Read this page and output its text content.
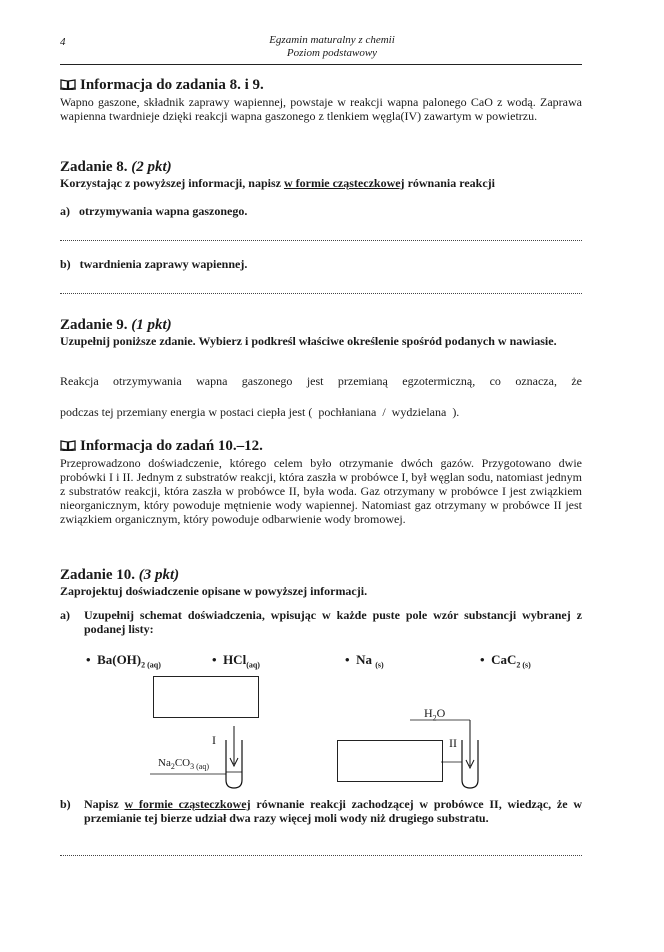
4	Egzamin maturalny z chemii
Poziom podstawowy
Informacja do zadania 8. i 9.
Wapno gaszone, składnik zaprawy wapiennej, powstaje w reakcji wapna palonego CaO z wodą. Zaprawa wapienna twardnieje dzięki reakcji wapna gaszonego z tlenkiem węgla(IV) zawartym w powietrzu.
Zadanie 8. (2 pkt)
Korzystając z powyższej informacji, napisz w formie cząsteczkowej równania reakcji
a) otrzymywania wapna gaszonego.
b) twardnienia zaprawy wapiennej.
Zadanie 9. (1 pkt)
Uzupełnij poniższe zdanie. Wybierz i podkreśl właściwe określenie spośród podanych w nawiasie.
Reakcja otrzymywania wapna gaszonego jest przemianą egzotermiczną, co oznacza, że
podczas tej przemiany energia w postaci ciepła jest ( pochłaniana / wydzielana ).
Informacja do zadań 10.–12.
Przeprowadzono doświadczenie, którego celem było otrzymanie dwóch gazów. Przygotowano dwie probówki I i II. Jednym z substratów reakcji, która zaszła w probówce I, był węglan sodu, natomiast jednym z substratów reakcji, która zaszła w probówce II, była woda. Gaz otrzymany w probówce I jest związkiem nieorganicznym, który powoduje mętnienie wody wapiennej. Natomiast gaz otrzymany w probówce II jest związkiem organicznym, który powoduje odbarwienie wody bromowej.
Zadanie 10. (3 pkt)
Zaprojektuj doświadczenie opisane w powyższej informacji.
a) Uzupełnij schemat doświadczenia, wpisując w każde puste pole wzór substancji wybranej z podanej listy:
•  $Ba(OH)_{2 (aq)}$	•  HCl$_{(aq)}$	•  Na $_{(s)}$	•  CaC$_{2 (s)}$
I
$Na_2CO_{3 (aq)}$
$H_2O$
II
b) Napisz w formie cząsteczkowej równanie reakcji zachodzącej w probówce II, wiedząc, że w przemianie tej bierze udział dwa razy więcej moli wody niż drugiego substratu.
